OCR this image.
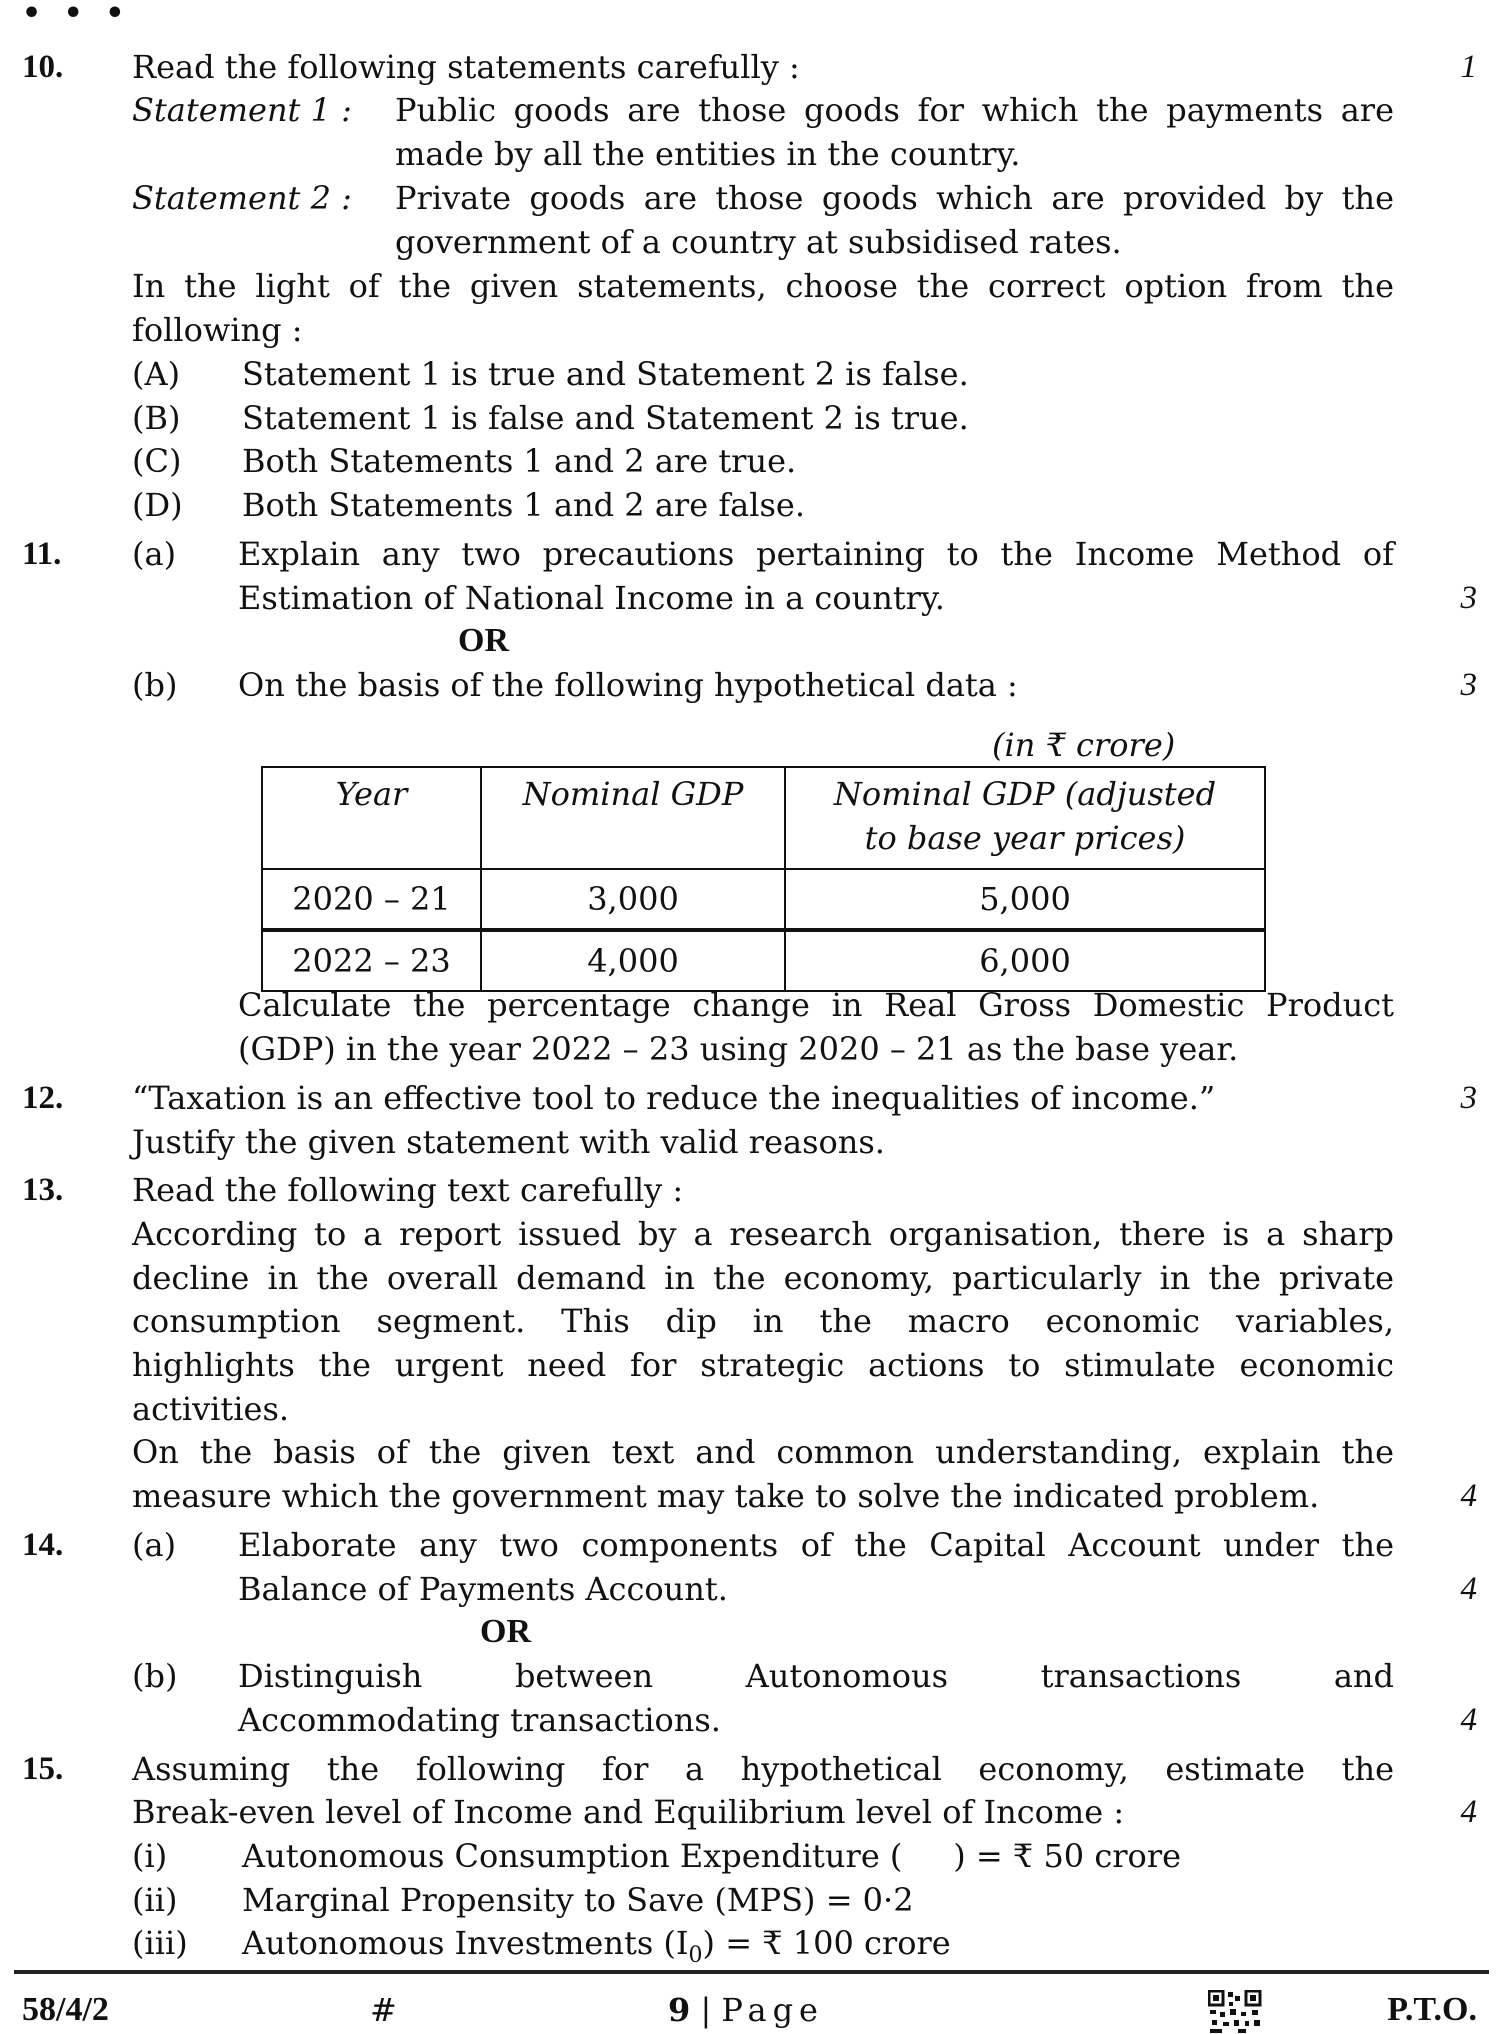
• • •
10. Read the following statements carefully :	1
Statement 1 : Public goods are those goods for which the payments are
made by all the entities in the country.
Statement 2 : Private goods are those goods which are provided by the
government of a country at subsidised rates.
In the light of the given statements, choose the correct option from the
following :
(A) Statement 1 is true and Statement 2 is false.
(B) Statement 1 is false and Statement 2 is true.
(C) Both Statements 1 and 2 are true.
(D) Both Statements 1 and 2 are false.
11. (a) Explain any two precautions pertaining to the Income Method of
Estimation of National Income in a country.	3
OR
(b) On the basis of the following hypothetical data :	3
(in ₹ crore)
Year	Nominal GDP	Nominal GDP (adjusted
to base year prices)
2020 – 21	3,000	5,000
2022 – 23	4,000	6,000
Calculate the percentage change in Real Gross Domestic Product
(GDP) in the year 2022 – 23 using 2020 – 21 as the base year.
12. “Taxation is an effective tool to reduce the inequalities of income.”	3
Justify the given statement with valid reasons.
13. Read the following text carefully :
According to a report issued by a research organisation, there is a sharp
decline in the overall demand in the economy, particularly in the private
consumption segment. This dip in the macro economic variables,
highlights the urgent need for strategic actions to stimulate economic
activities.
On the basis of the given text and common understanding, explain the
measure which the government may take to solve the indicated problem.	4
14. (a) Elaborate any two components of the Capital Account under the
Balance of Payments Account.	4
OR
(b) Distinguish between Autonomous transactions and
Accommodating transactions.	4
15. Assuming the following for a hypothetical economy, estimate the
Break-even level of Income and Equilibrium level of Income :	4
(i) Autonomous Consumption Expenditure (     ) = ₹ 50 crore
(ii) Marginal Propensity to Save (MPS) = 0·2
(iii) Autonomous Investments $(I_0)$ = ₹ 100 crore
58/4/2	#	9 | Page	P.T.O.
